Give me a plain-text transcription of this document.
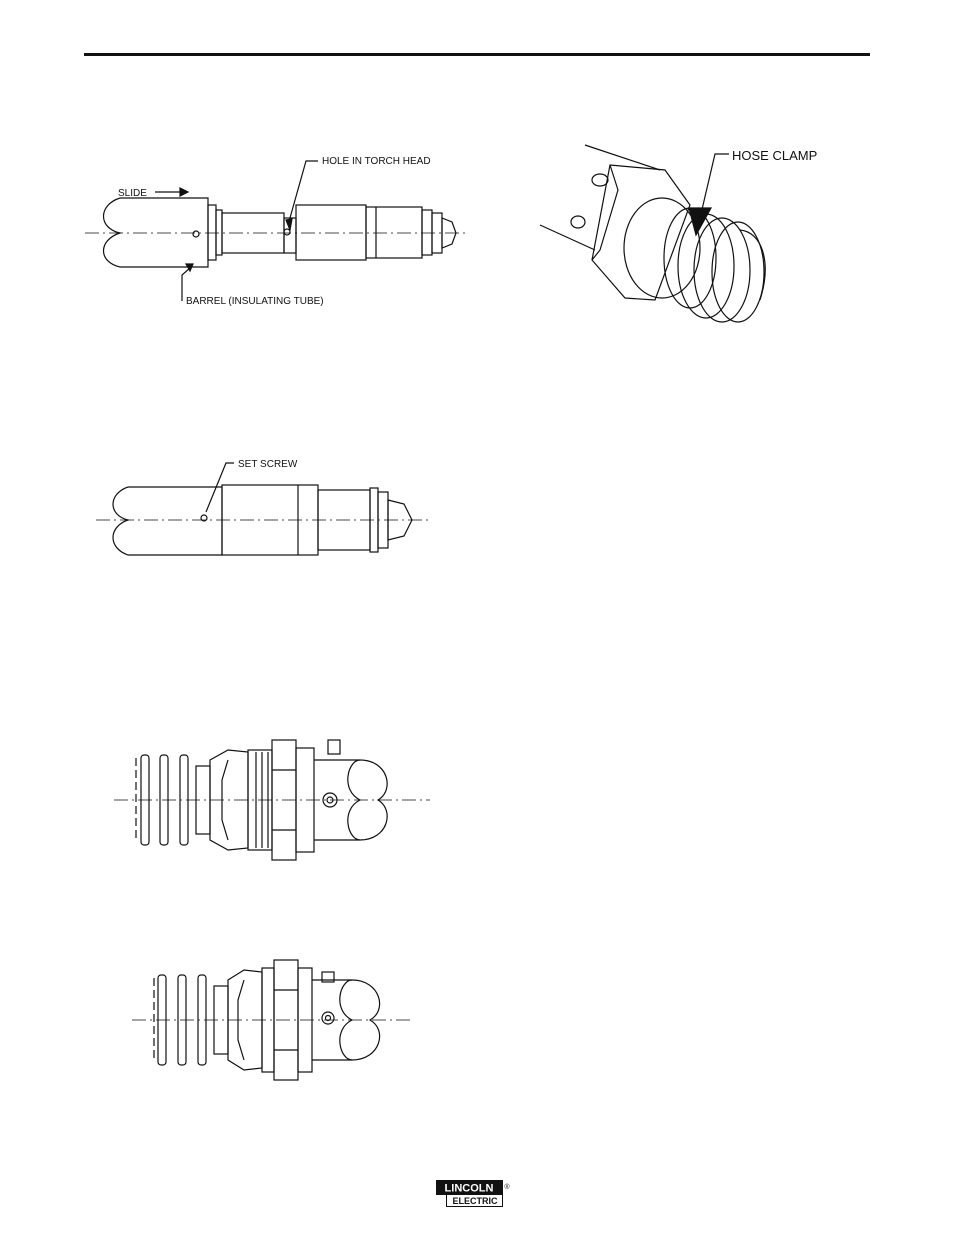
SLIDE
HOLE IN TORCH HEAD
BARREL (INSULATING TUBE)
HOSE CLAMP
SET SCREW
LINCOLN
ELECTRIC
®
